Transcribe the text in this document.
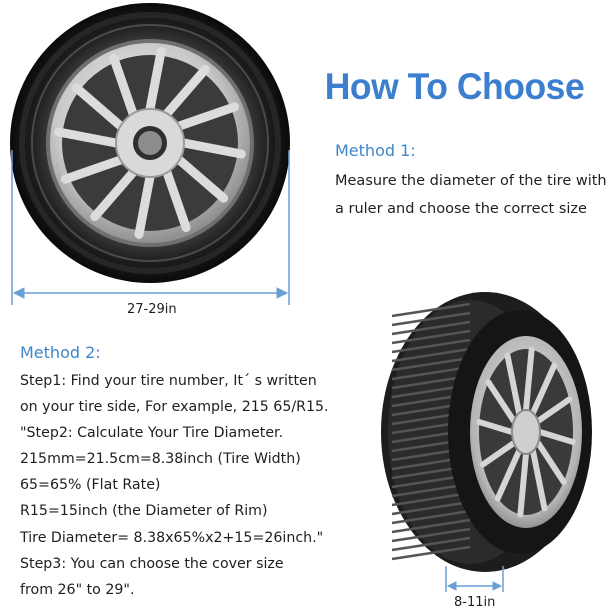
How To Choose
Method 1:
Measure the diameter of the tire with
a ruler and choose the correct size
Method 2:
Step1: Find your tire number, It´ s written
on your tire side, For example, 215 65/R15.
"Step2: Calculate Your Tire Diameter.
215mm=21.5cm=8.38inch (Tire Width)
65=65% (Flat Rate)
R15=15inch (the Diameter of Rim)
Tire Diameter= 8.38x65%x2+15=26inch."
Step3: You can choose the cover size
from 26" to 29".
27-29in
8-11in
